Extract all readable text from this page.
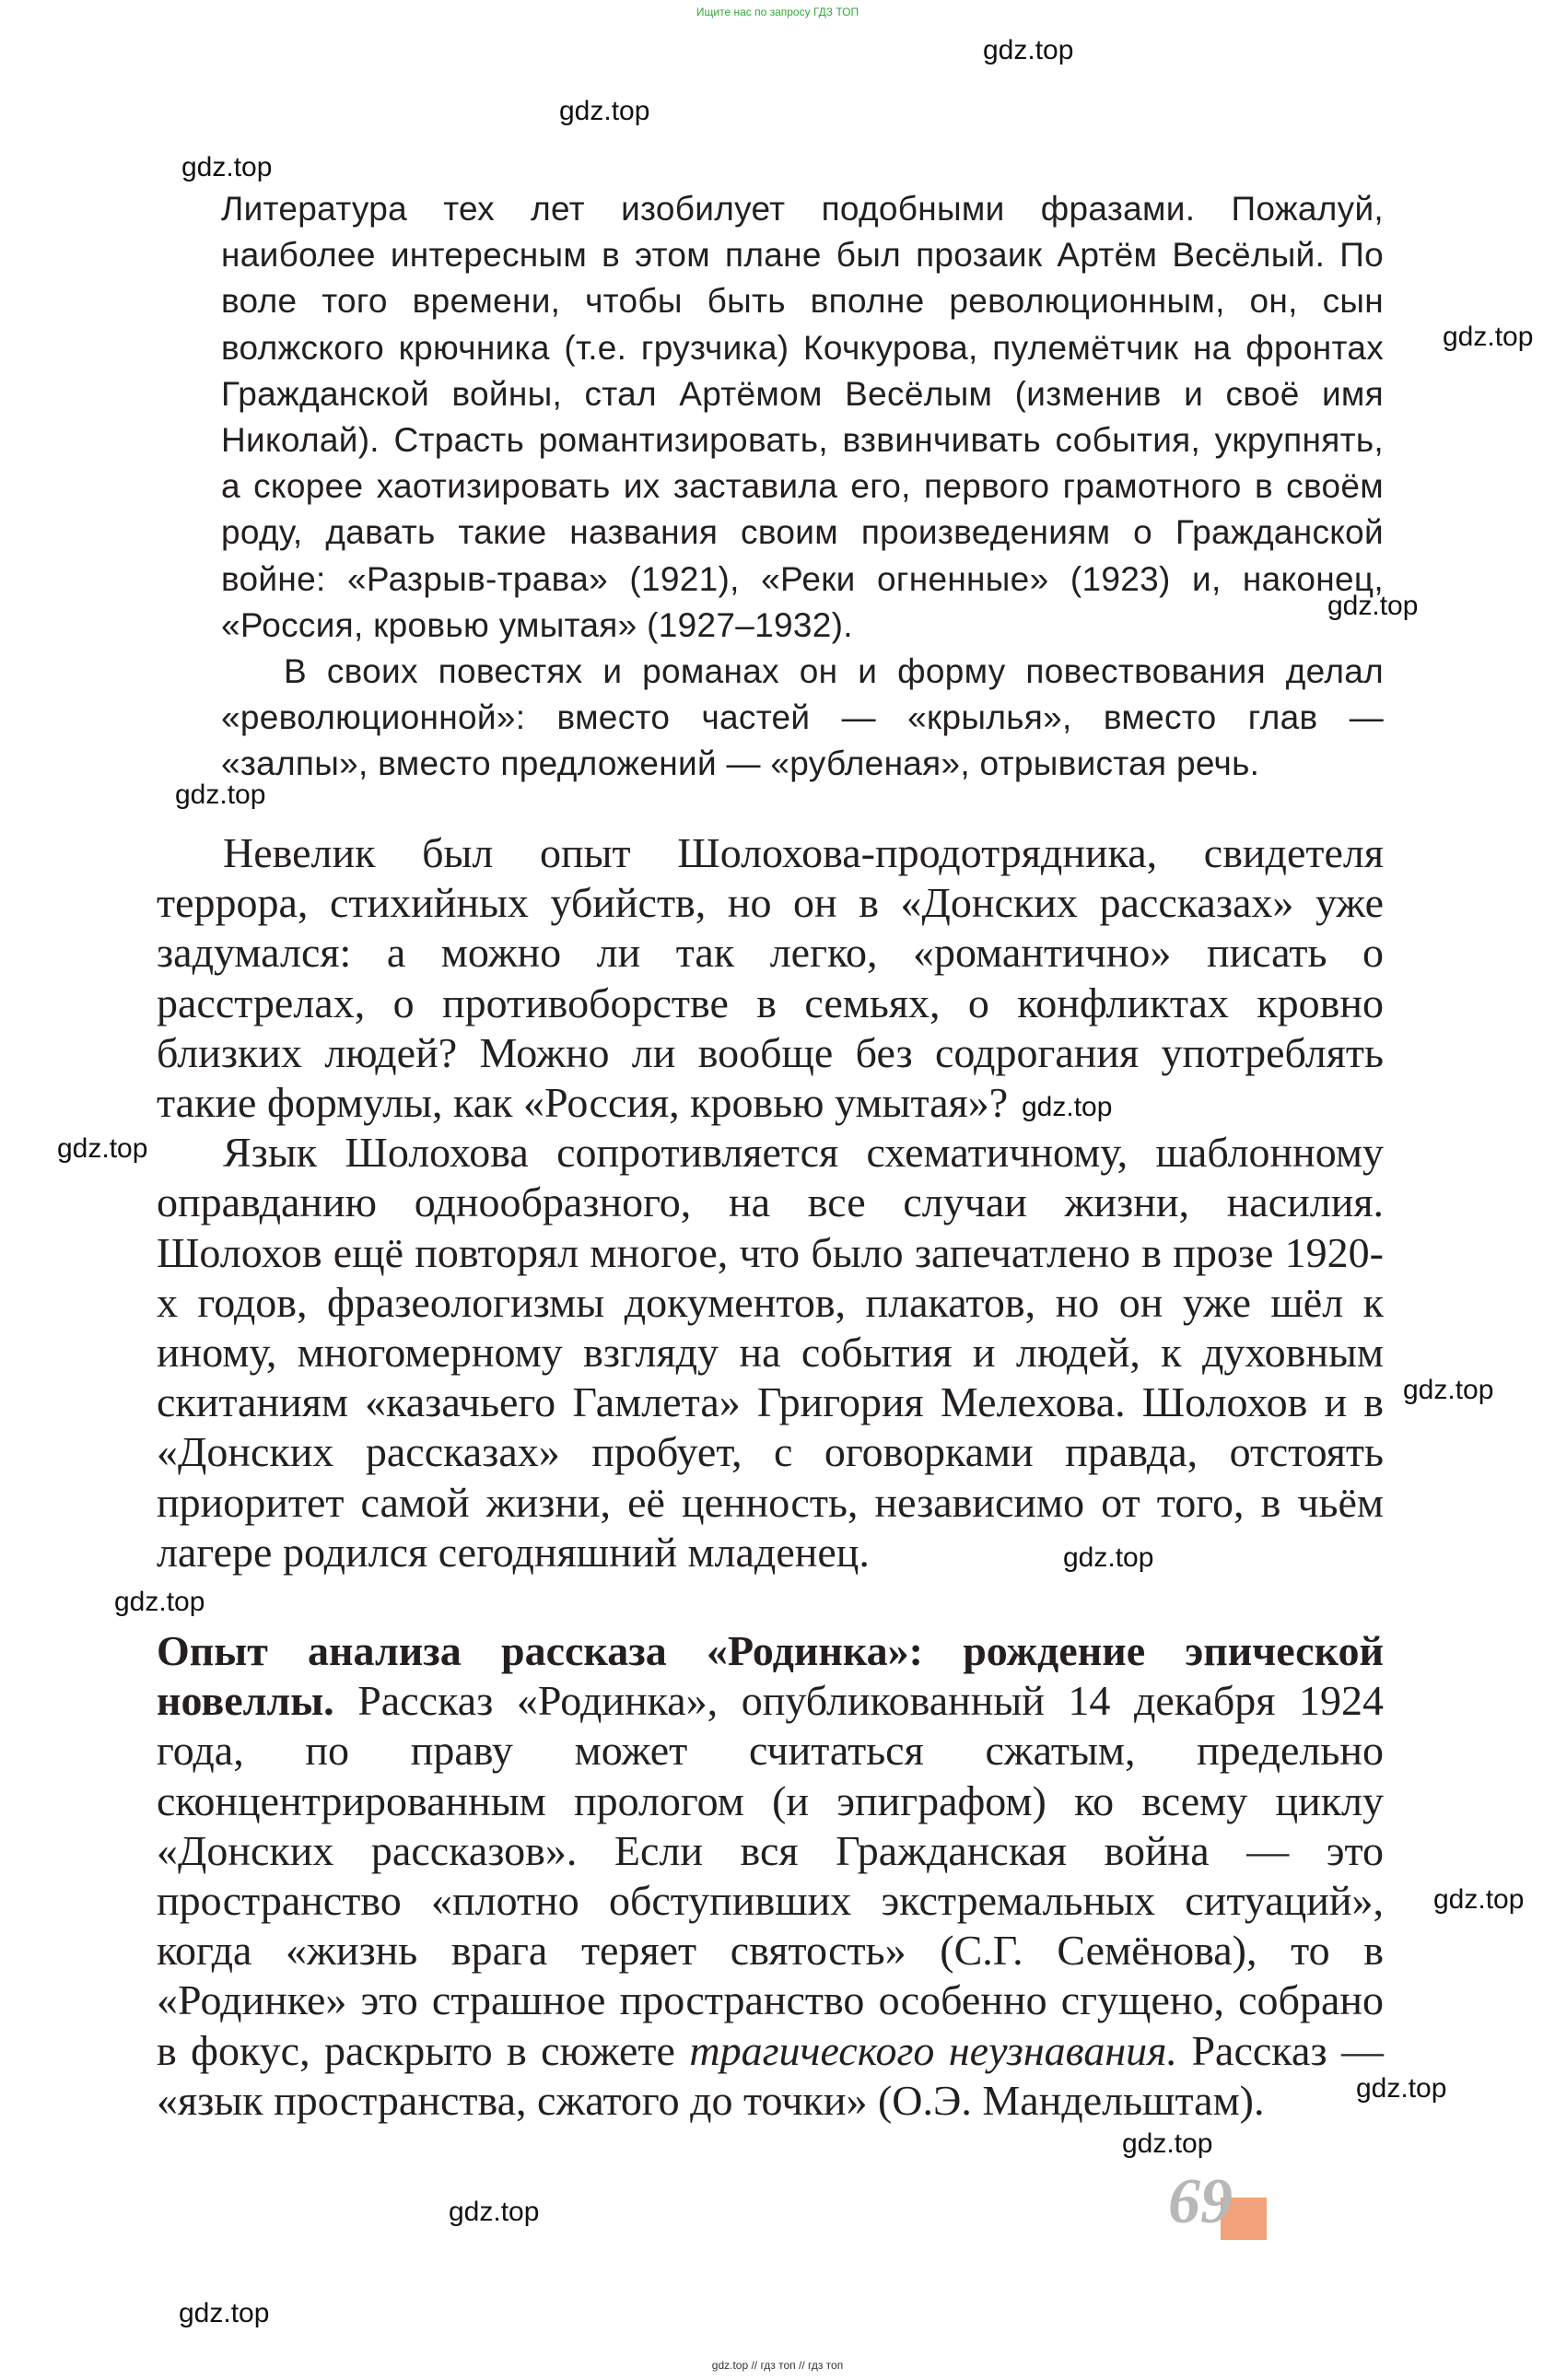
Ищите нас по запросу ГДЗ ТОП
gdz.top
gdz.top
gdz.top
gdz.top
gdz.top
gdz.top
gdz.top
gdz.top
gdz.top
gdz.top
gdz.top
gdz.top
gdz.top
gdz.top
gdz.top
gdz.top

Литература тех лет изобилует подобными фразами. Пожалуй, наиболее интересным в этом плане был прозаик Артём Весёлый. По воле того времени, чтобы быть вполне революционным, он, сын волжского крючника (т.е. грузчика) Кочкурова, пулемётчик на фронтах Гражданской войны, стал Артёмом Весёлым (изменив и своё имя Николай). Страсть романтизировать, взвинчивать события, укрупнять, а скорее хаотизировать их заставила его, первого грамотного в своём роду, давать такие названия своим произведениям о Гражданской войне: «Разрыв-трава» (1921), «Реки огненные» (1923) и, наконец, «Россия, кровью умытая» (1927–1932).

В своих повестях и романах он и форму повествования делал «революционной»: вместо частей — «крылья», вместо глав — «залпы», вместо предложений — «рубленая», отрывистая речь.

Невелик был опыт Шолохова-продотрядника, свидетеля террора, стихийных убийств, но он в «Донских рассказах» уже задумался: а можно ли так легко, «романтично» писать о расстрелах, о противоборстве в семьях, о конфликтах кровно близких людей? Можно ли вообще без содрогания употреблять такие формулы, как «Россия, кровью умытая»?

Язык Шолохова сопротивляется схематичному, шаблонному оправданию однообразного, на все случаи жизни, насилия. Шолохов ещё повторял многое, что было запечатлено в прозе 1920-х годов, фразеологизмы документов, плакатов, но он уже шёл к иному, многомерному взгляду на события и людей, к духовным скитаниям «казачьего Гамлета» Григория Мелехова. Шолохов и в «Донских рассказах» пробует, с оговорками правда, отстоять приоритет самой жизни, её ценность, независимо от того, в чьём лагере родился сегодняшний младенец.

Опыт анализа рассказа «Родинка»: рождение эпической новеллы. Рассказ «Родинка», опубликованный 14 декабря 1924 года, по праву может считаться сжатым, предельно сконцентрированным прологом (и эпиграфом) ко всему циклу «Донских рассказов». Если вся Гражданская война — это пространство «плотно обступивших экстремальных ситуаций», когда «жизнь врага теряет святость» (С.Г. Семёнова), то в «Родинке» это страшное пространство особенно сгущено, собрано в фокус, раскрыто в сюжете трагического неузнавания. Рассказ — «язык пространства, сжатого до точки» (О.Э. Мандельштам).

69
gdz.top // гдз топ // гдз топ
